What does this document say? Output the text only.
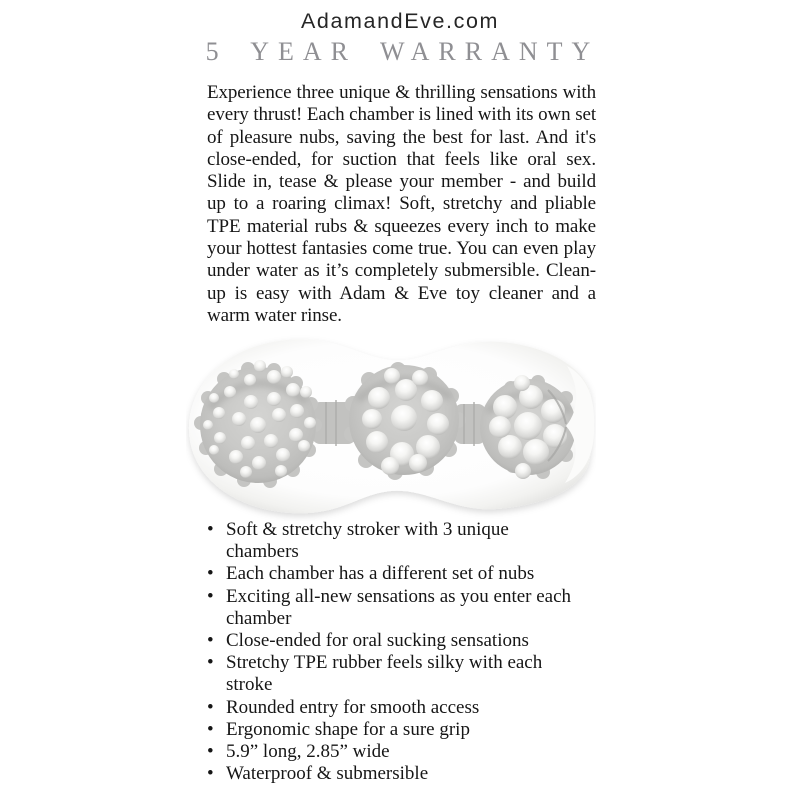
AdamandEve.com
5 YEAR WARRANTY

Experience three unique & thrilling sensations with every thrust! Each chamber is lined with its own set of pleasure nubs, saving the best for last. And it's close-ended, for suction that feels like oral sex. Slide in, tease & please your member - and build up to a roaring climax! Soft, stretchy and pliable TPE material rubs & squeezes every inch to make your hottest fantasies come true. You can even play under water as it’s completely submersible. Clean-up is easy with Adam & Eve toy cleaner and a warm water rinse.

• Soft & stretchy stroker with 3 unique chambers
• Each chamber has a different set of nubs
• Exciting all-new sensations as you enter each chamber
• Close-ended for oral sucking sensations
• Stretchy TPE rubber feels silky with each stroke
• Rounded entry for smooth access
• Ergonomic shape for a sure grip
• 5.9” long, 2.85” wide
• Waterproof & submersible
